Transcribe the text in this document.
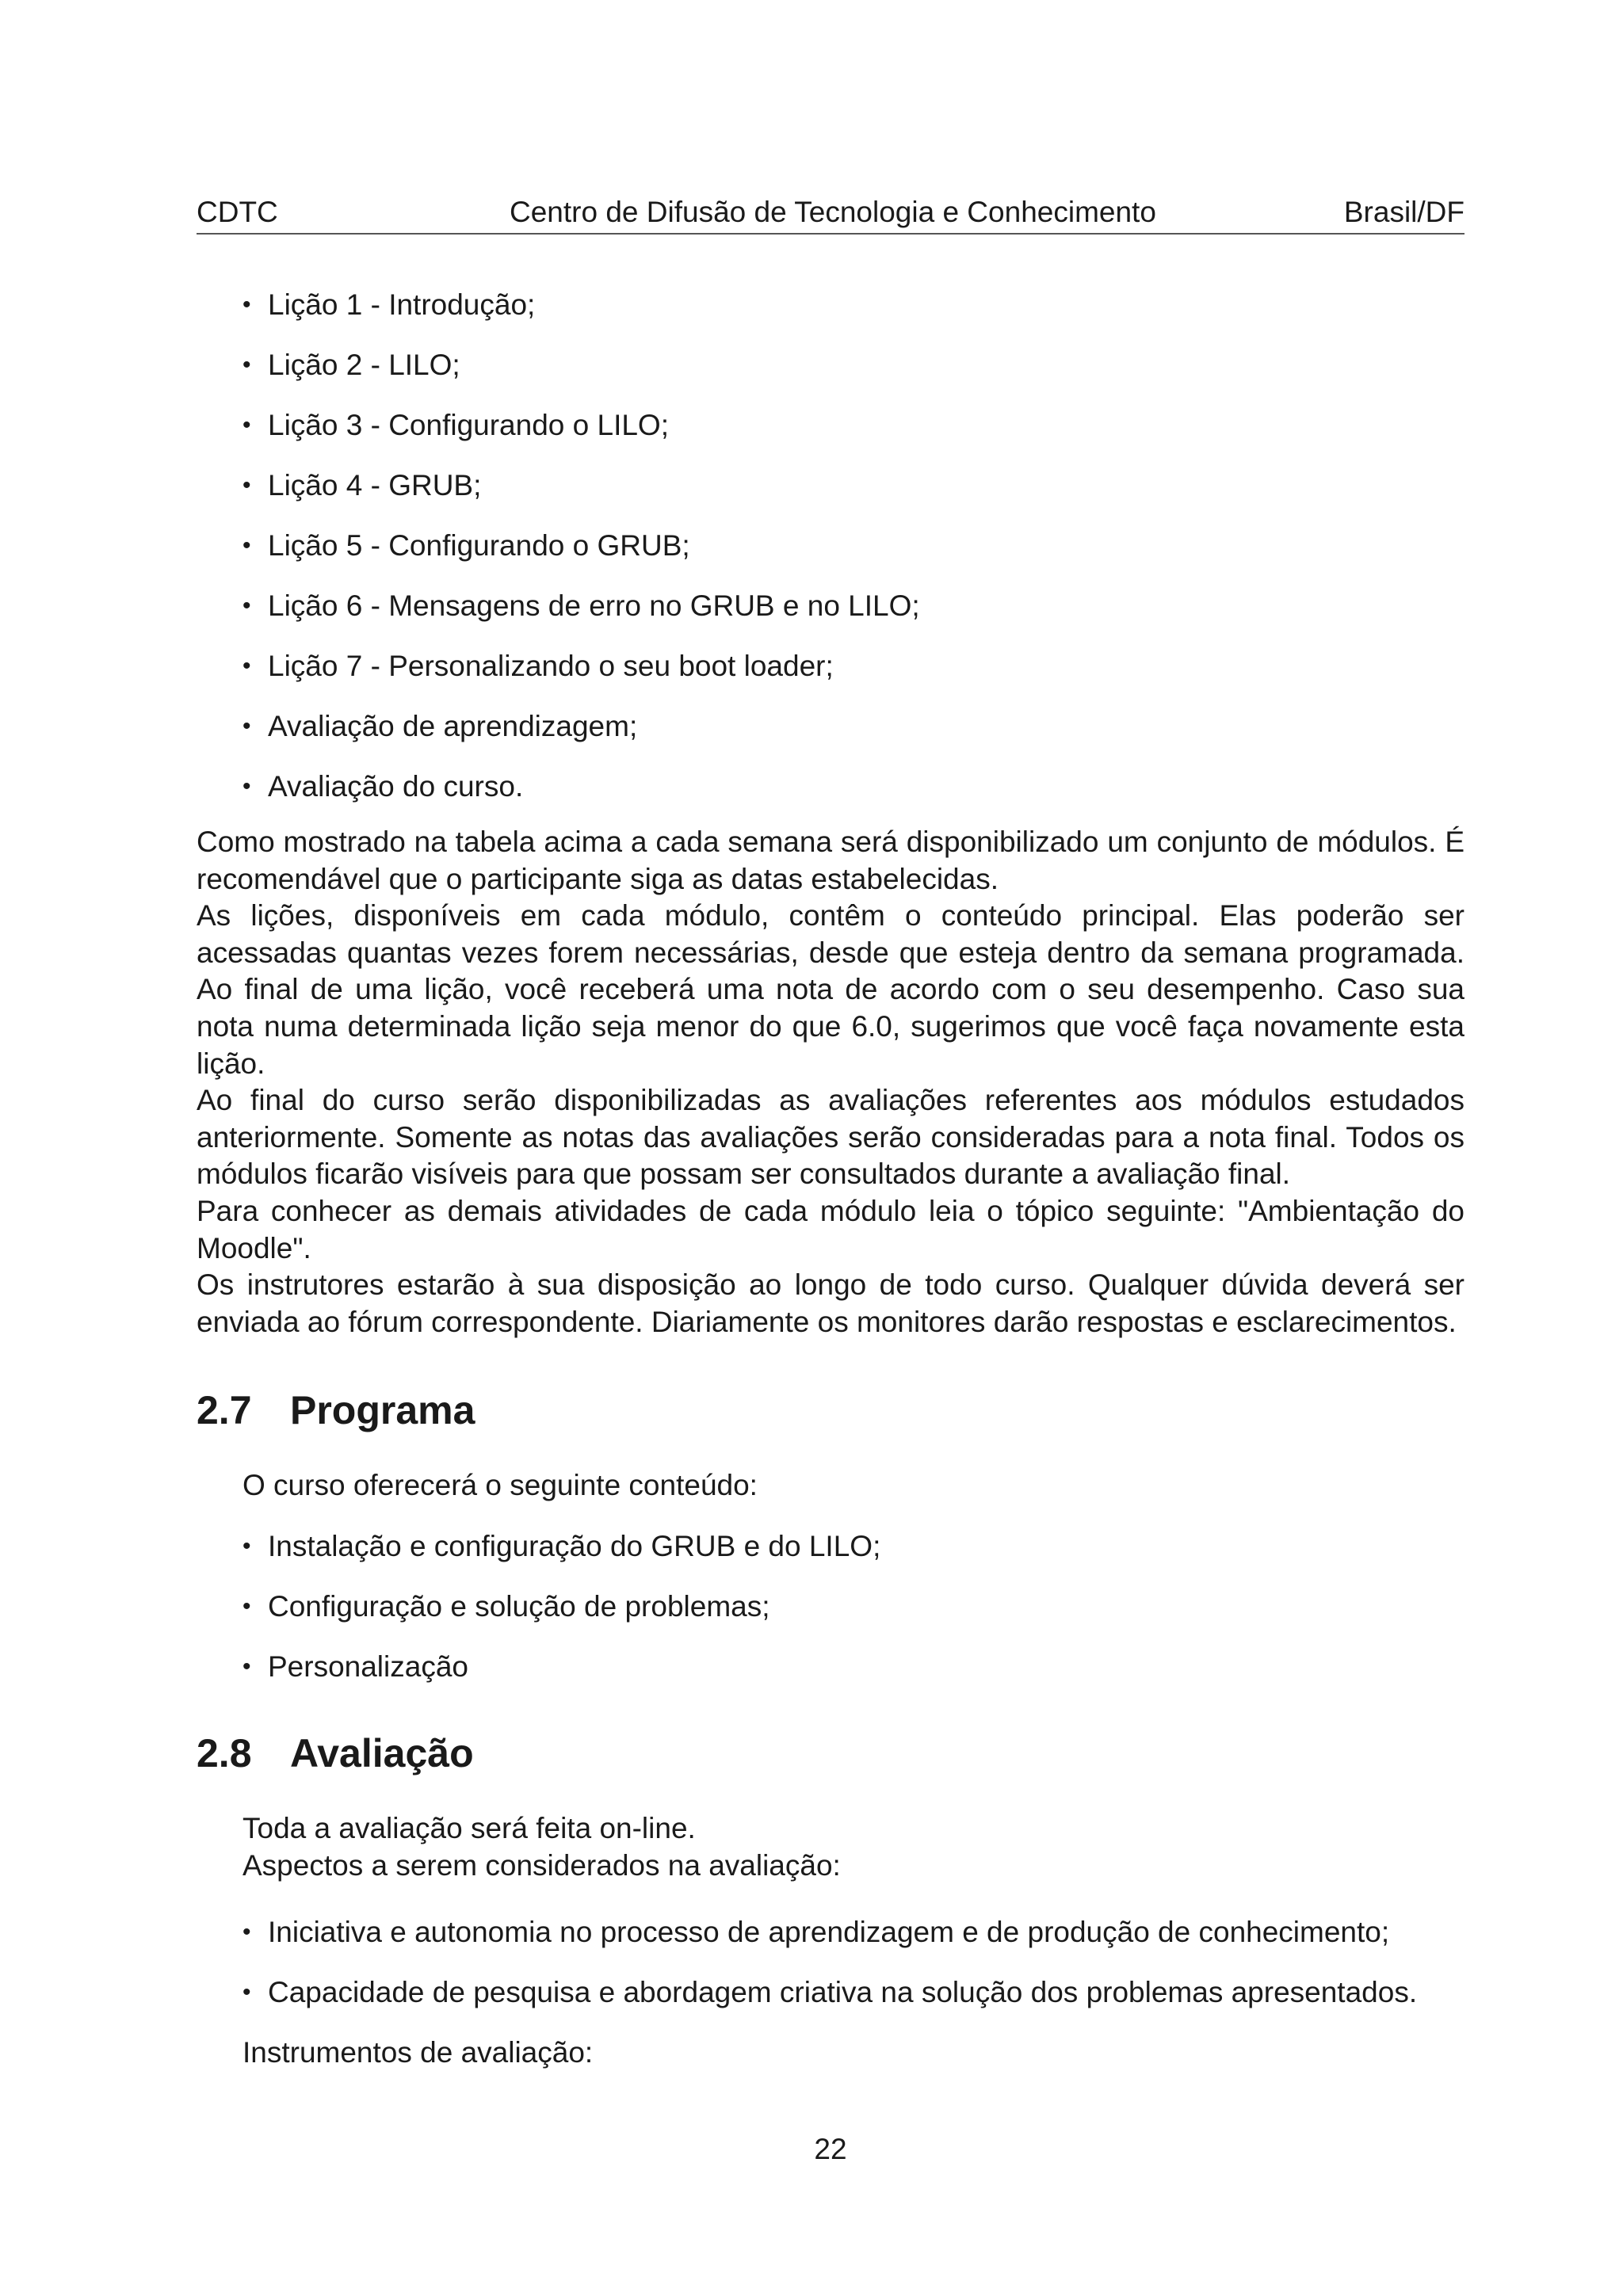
CDTC	Centro de Difusão de Tecnologia e Conhecimento	Brasil/DF
• Lição 1 - Introdução;
• Lição 2 - LILO;
• Lição 3 - Configurando o LILO;
• Lição 4 - GRUB;
• Lição 5 - Configurando o GRUB;
• Lição 6 - Mensagens de erro no GRUB e no LILO;
• Lição 7 - Personalizando o seu boot loader;
• Avaliação de aprendizagem;
• Avaliação do curso.

Como mostrado na tabela acima a cada semana será disponibilizado um conjunto de módulos. É recomendável que o participante siga as datas estabelecidas.

As lições, disponíveis em cada módulo, contêm o conteúdo principal. Elas poderão ser acessadas quantas vezes forem necessárias, desde que esteja dentro da semana programada. Ao final de uma lição, você receberá uma nota de acordo com o seu desempenho. Caso sua nota numa determinada lição seja menor do que 6.0, sugerimos que você faça novamente esta lição.

Ao final do curso serão disponibilizadas as avaliações referentes aos módulos estudados anteriormente. Somente as notas das avaliações serão consideradas para a nota final. Todos os módulos ficarão visíveis para que possam ser consultados durante a avaliação final.

Para conhecer as demais atividades de cada módulo leia o tópico seguinte: "Ambientação do Moodle".

Os instrutores estarão à sua disposição ao longo de todo curso. Qualquer dúvida deverá ser enviada ao fórum correspondente. Diariamente os monitores darão respostas e esclarecimentos.

2.7 Programa

O curso oferecerá o seguinte conteúdo:

• Instalação e configuração do GRUB e do LILO;
• Configuração e solução de problemas;
• Personalização
2.8 Avaliação

Toda a avaliação será feita on-line.

Aspectos a serem considerados na avaliação:

• Iniciativa e autonomia no processo de aprendizagem e de produção de conhecimento;
• Capacidade de pesquisa e abordagem criativa na solução dos problemas apresentados.

Instrumentos de avaliação:

22
